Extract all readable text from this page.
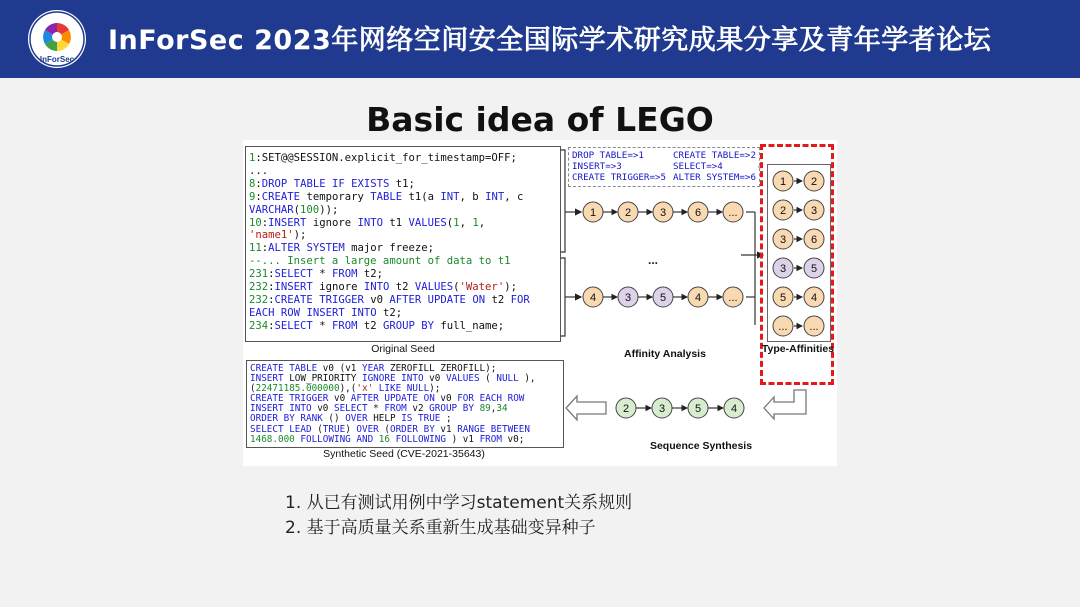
InForSec
InForSec 2023年网络空间安全国际学术研究成果分享及青年学者论坛
Basic idea of LEGO
1:SET@@SESSION.explicit_for_timestamp=OFF;
...
8:DROP TABLE IF EXISTS t1;
9:CREATE temporary TABLE t1(a INT, b INT, c
VARCHAR(100));
10:INSERT ignore INTO t1 VALUES(1, 1,
'name1');
11:ALTER SYSTEM major freeze;
--... Insert a large amount of data to t1
231:SELECT * FROM t2;
232:INSERT ignore INTO t2 VALUES('Water');
232:CREATE TRIGGER v0 AFTER UPDATE ON t2 FOR
EACH ROW INSERT INTO t2;
234:SELECT * FROM t2 GROUP BY full_name;
Original Seed
DROP TABLE=>1	CREATE TABLE=>2
INSERT=>3	SELECT=>4
CREATE TRIGGER=>5 ALTER SYSTEM=>6
1	2	3	6 ...
...
4	3	5	4 ...
2	3	5	4
Affinity Analysis
1 2
2 3
3 6
3 5
5 4
... ...
Type-Affinities
CREATE TABLE v0 (v1 YEAR ZEROFILL ZEROFILL);
INSERT LOW_PRIORITY IGNORE INTO v0 VALUES ( NULL ),
(22471185.000000),('x' LIKE NULL);
CREATE TRIGGER v0 AFTER UPDATE ON v0 FOR EACH ROW
INSERT INTO v0 SELECT * FROM v2 GROUP BY 89,34
ORDER BY RANK () OVER HELP IS TRUE ;
SELECT LEAD (TRUE) OVER (ORDER BY v1 RANGE BETWEEN
1468.000 FOLLOWING AND 16 FOLLOWING ) v1 FROM v0;
Synthetic Seed (CVE-2021-35643)
Sequence Synthesis
1. 从已有测试用例中学习statement关系规则
2. 基于高质量关系重新生成基础变异种子
